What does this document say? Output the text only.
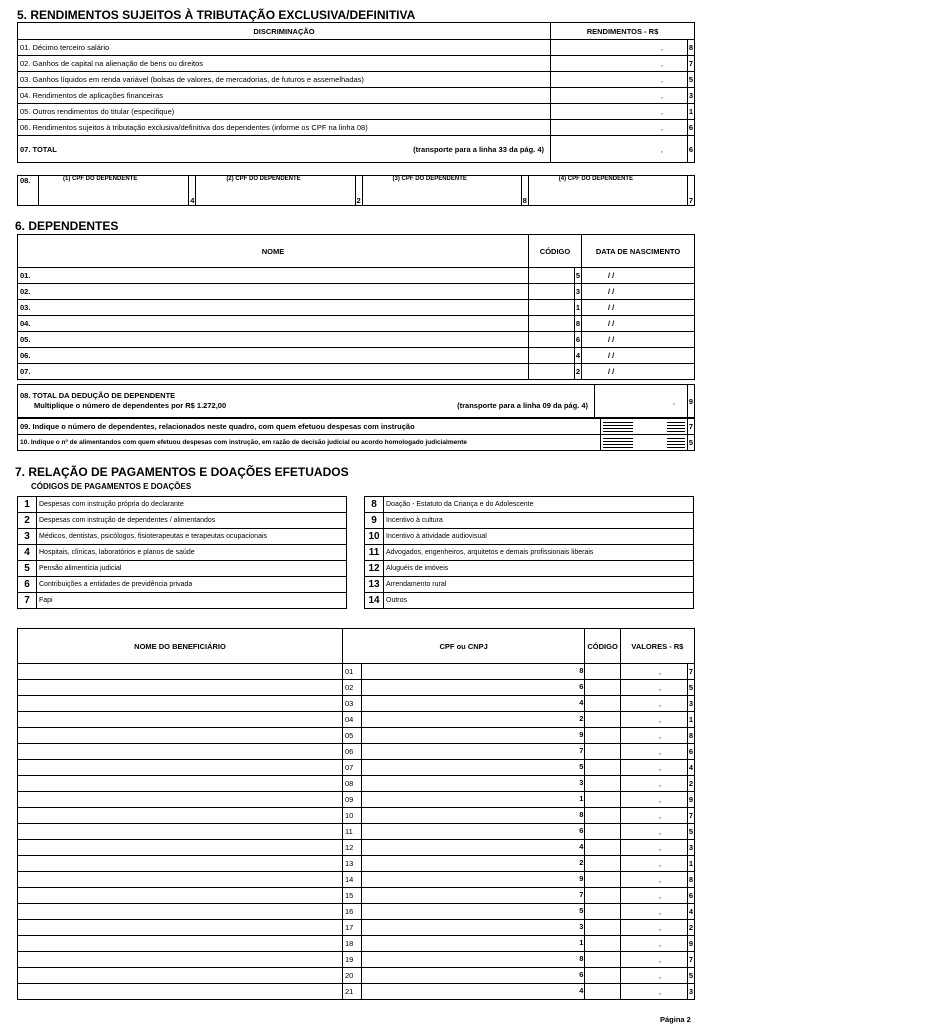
5. RENDIMENTOS SUJEITOS À TRIBUTAÇÃO EXCLUSIVA/DEFINITIVA
DISCRIMINAÇÃO	RENDIMENTOS - R$	
01. Décimo terceiro salário	,	8
02. Ganhos de capital na alienação de bens ou direitos	,	7
03. Ganhos líquidos em renda variável (bolsas de valores, de mercadorias, de futuros e assemelhadas)	,	5
04. Rendimentos de aplicações financeiras	,	3
05. Outros rendimentos do titular (especifique)	,	1
06. Rendimentos sujeitos à tributação exclusiva/definitiva dos dependentes (informe os CPF na linha 08)	,	6
07. TOTAL (transporte para a linha 33 da pág. 4)	,	6
08.	(1) CPF DO DEPENDENTE	4	(2) CPF DO DEPENDENTE	2	(3) CPF DO DEPENDENTE	8	(4) CPF DO DEPENDENTE	7
6. DEPENDENTES
NOME	CÓDIGO		DATA DE NASCIMENTO
01.		5	/ /
02.		3	/ /
03.		1	/ /
04.		8	/ /
05.		6	/ /
06.		4	/ /
07.		2	/ /
08. TOTAL DA DEDUÇÃO DE DEPENDENTE
Multiplique o número de dependentes por R$ 1.272,00	(transporte para a linha 09 da pág. 4)	,	9
09. Indique o número de dependentes, relacionados neste quadro, com quem efetuou despesas com instrução			7
10. Indique o nº de alimentandos com quem efetuou despesas com instrução, em razão de decisão judicial ou acordo homologado judicialmente			5
7. RELAÇÃO DE PAGAMENTOS E DOAÇÕES EFETUADOS
CÓDIGOS DE PAGAMENTOS E DOAÇÕES
1	Despesas com instrução própria do declarante
2	Despesas com instrução de dependentes / alimentandos
3	Médicos, dentistas, psicólogos, fisioterapeutas e terapeutas ocupacionais
4	Hospitais, clínicas, laboratórios e planos de saúde
5	Pensão alimentícia judicial
6	Contribuições a entidades de previdência privada
7	Fapi
8	Doação - Estatuto da Criança e do Adolescente
9	Incentivo à cultura
10	Incentivo à atividade audiovisual
11	Advogados, engenheiros, arquitetos e demais profissionais liberais
12	Aluguéis de imóveis
13	Arrendamento rural
14	Outros
NOME DO BENEFICIÁRIO	CPF ou CNPJ		CÓDIGO	VALORES - R$	
	01	8		,	7
	02	6		,	5
	03	4		,	3
	04	2		,	1
	05	9		,	8
	06	7		,	6
	07	5		,	4
	08	3		,	2
	09	1		,	9
	10	8		,	7
	11	6		,	5
	12	4		,	3
	13	2		,	1
	14	9		,	8
	15	7		,	6
	16	5		,	4
	17	3		,	2
	18	1		,	9
	19	8		,	7
	20	6		,	5
	21	4		,	3
Página 2
